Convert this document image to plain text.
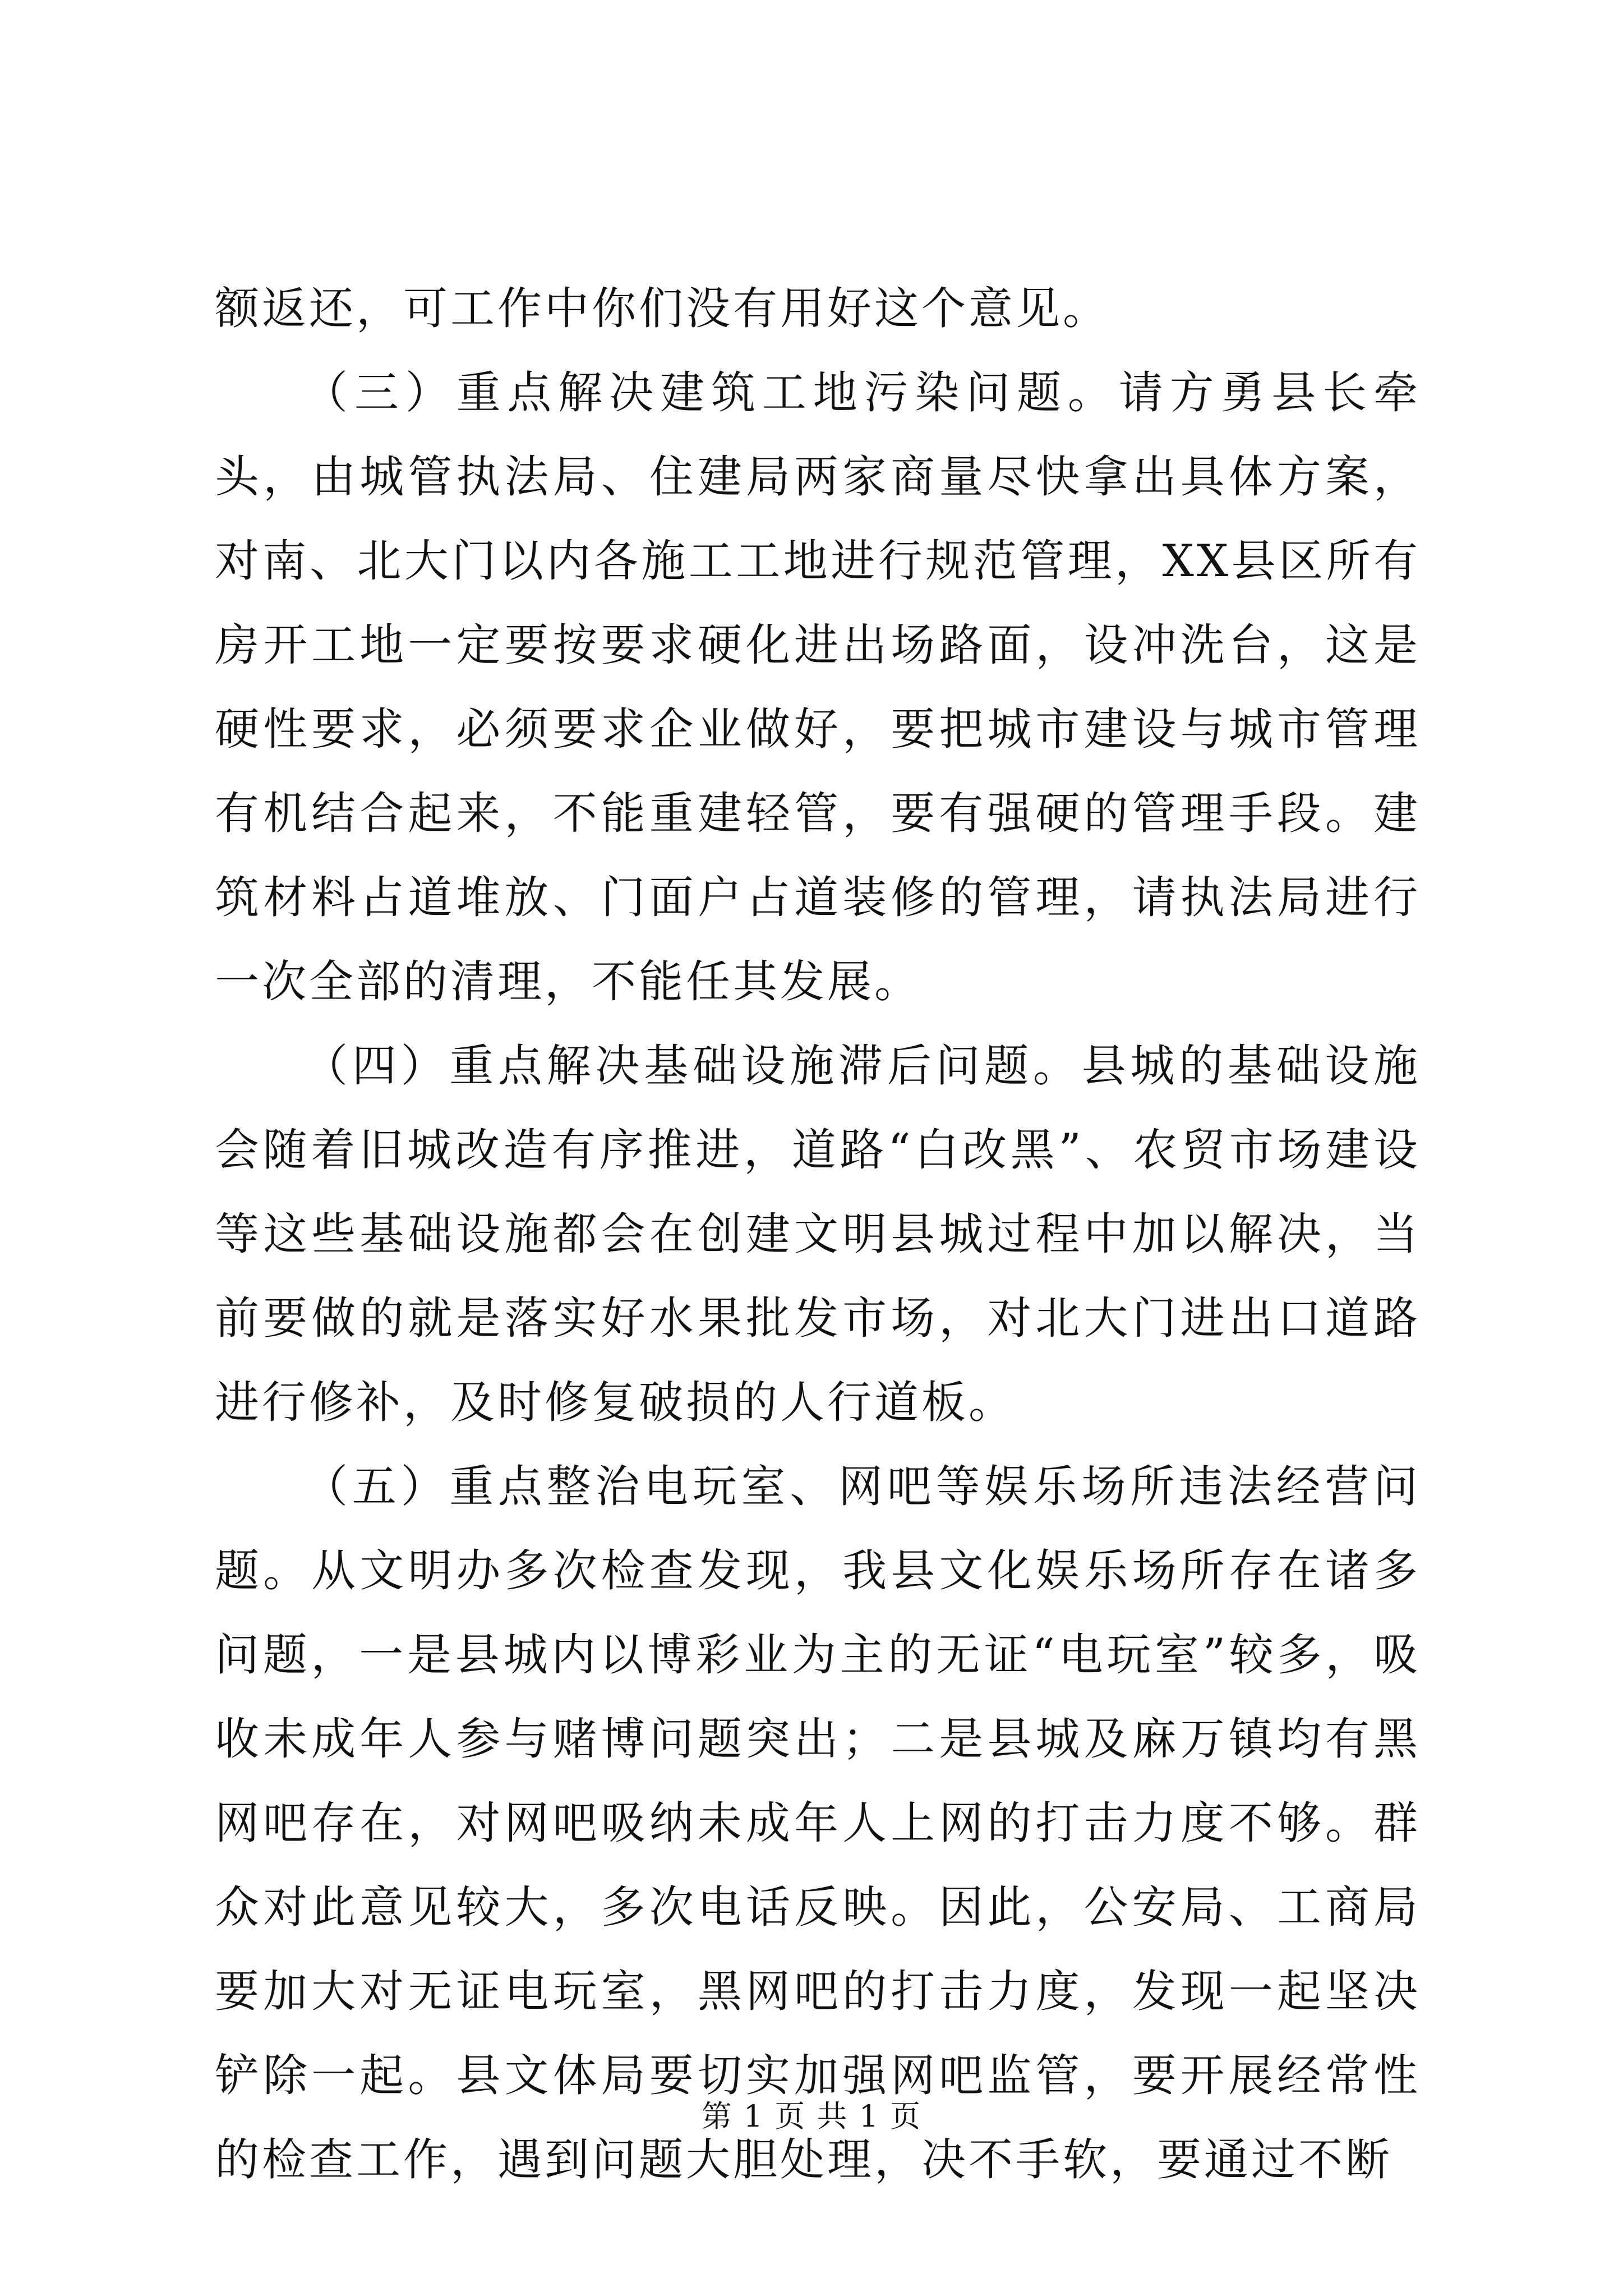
额返还，可工作中你们没有用好这个意见。

（三）重点解决建筑工地污染问题。请方勇县长牵头，由城管执法局、住建局两家商量尽快拿出具体方案，对南、北大门以内各施工工地进行规范管理，XX县区所有房开工地一定要按要求硬化进出场路面，设冲洗台，这是硬性要求，必须要求企业做好，要把城市建设与城市管理有机结合起来，不能重建轻管，要有强硬的管理手段。建筑材料占道堆放、门面户占道装修的管理，请执法局进行一次全部的清理，不能任其发展。

（四）重点解决基础设施滞后问题。县城的基础设施会随着旧城改造有序推进，道路“白改黑”、农贸市场建设等这些基础设施都会在创建文明县城过程中加以解决，当前要做的就是落实好水果批发市场，对北大门进出口道路进行修补，及时修复破损的人行道板。

（五）重点整治电玩室、网吧等娱乐场所违法经营问题。从文明办多次检查发现，我县文化娱乐场所存在诸多问题，一是县城内以博彩业为主的无证“电玩室”较多，吸收未成年人参与赌博问题突出；二是县城及麻万镇均有黑网吧存在，对网吧吸纳未成年人上网的打击力度不够。群众对此意见较大，多次电话反映。因此，公安局、工商局要加大对无证电玩室，黑网吧的打击力度，发现一起坚决铲除一起。县文体局要切实加强网吧监管，要开展经常性的检查工作，遇到问题大胆处理，决不手软，要通过不断

第 1 页 共 1 页
